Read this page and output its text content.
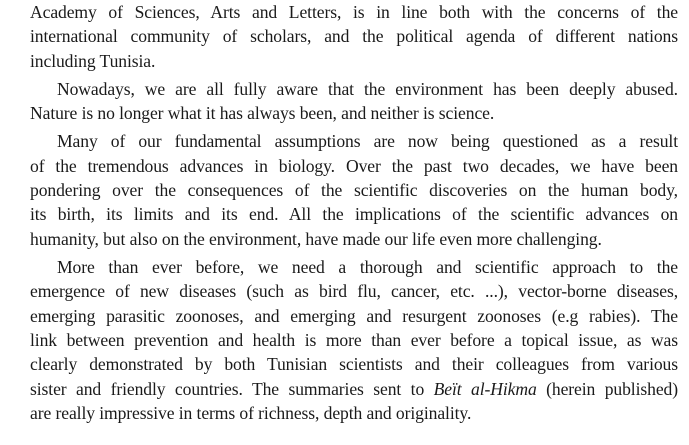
Academy of Sciences, Arts and Letters, is in line both with the concerns of the
international community of scholars, and the political agenda of different nations
including Tunisia.

Nowadays, we are all fully aware that the environment has been deeply abused.
Nature is no longer what it has always been, and neither is science.

Many of our fundamental assumptions are now being questioned as a result
of the tremendous advances in biology. Over the past two decades, we have been
pondering over the consequences of the scientific discoveries on the human body,
its birth, its limits and its end. All the implications of the scientific advances on
humanity, but also on the environment, have made our life even more challenging.

More than ever before, we need a thorough and scientific approach to the
emergence of new diseases (such as bird flu, cancer, etc. ...), vector-borne diseases,
emerging parasitic zoonoses, and emerging and resurgent zoonoses (e.g rabies). The
link between prevention and health is more than ever before a topical issue, as was
clearly demonstrated by both Tunisian scientists and their colleagues from various
sister and friendly countries. The summaries sent to Beït al-Hikma (herein published)
are really impressive in terms of richness, depth and originality.
